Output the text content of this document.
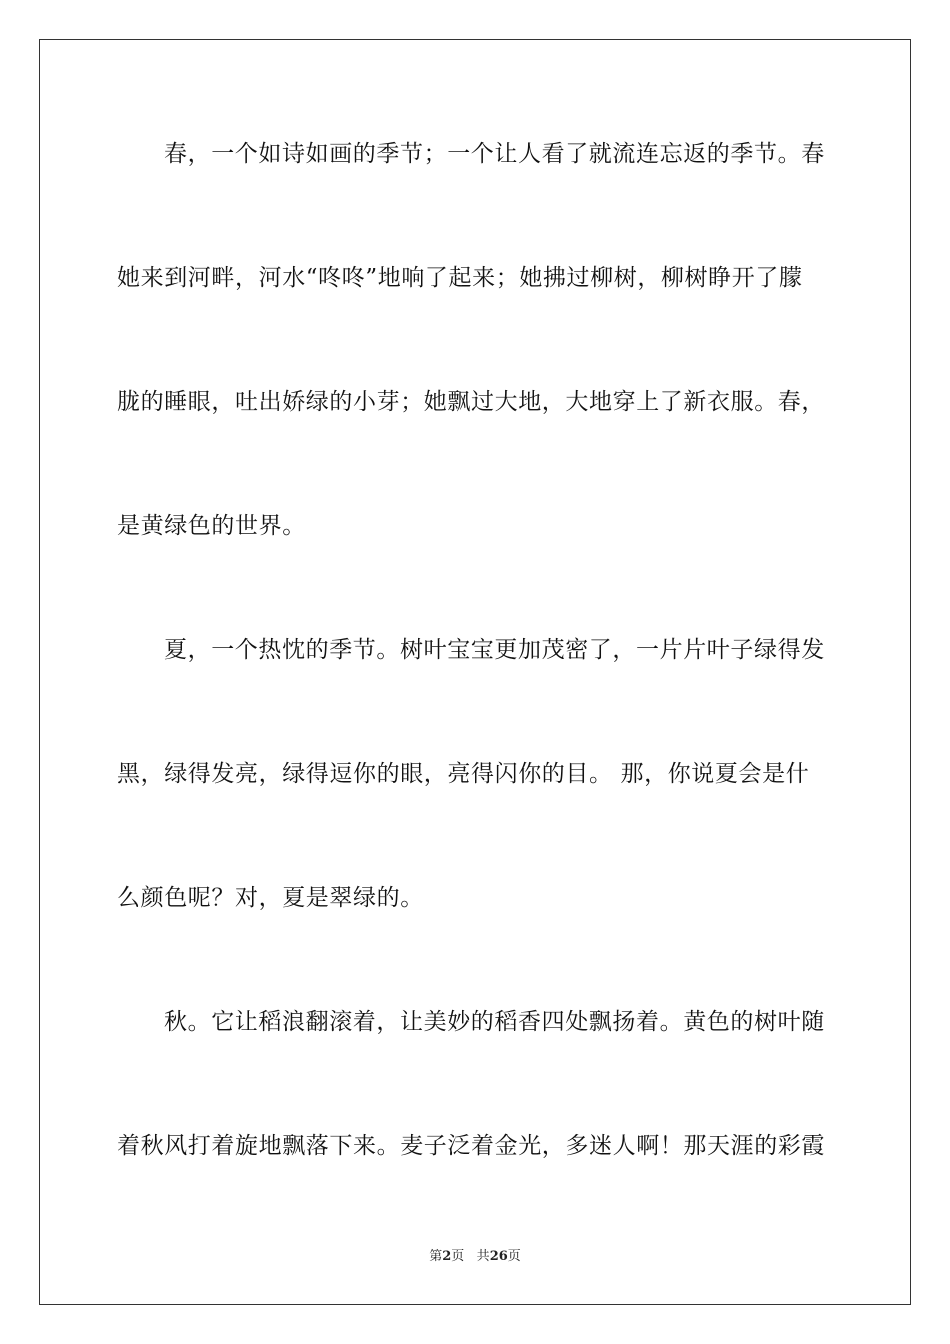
春，一个如诗如画的季节；一个让人看了就流连忘返的季节。春
她来到河畔，河水“咚咚”地响了起来；她拂过柳树，柳树睁开了朦
胧的睡眼，吐出娇绿的小芽；她飘过大地，大地穿上了新衣服。春，
是黄绿色的世界。
夏，一个热忱的季节。树叶宝宝更加茂密了，一片片叶子绿得发
黑，绿得发亮，绿得逗你的眼，亮得闪你的目。 那，你说夏会是什
么颜色呢？对，夏是翠绿的。
秋。它让稻浪翻滚着，让美妙的稻香四处飘扬着。黄色的树叶随
着秋风打着旋地飘落下来。麦子泛着金光，多迷人啊！那天涯的彩霞
第2页 共26页
